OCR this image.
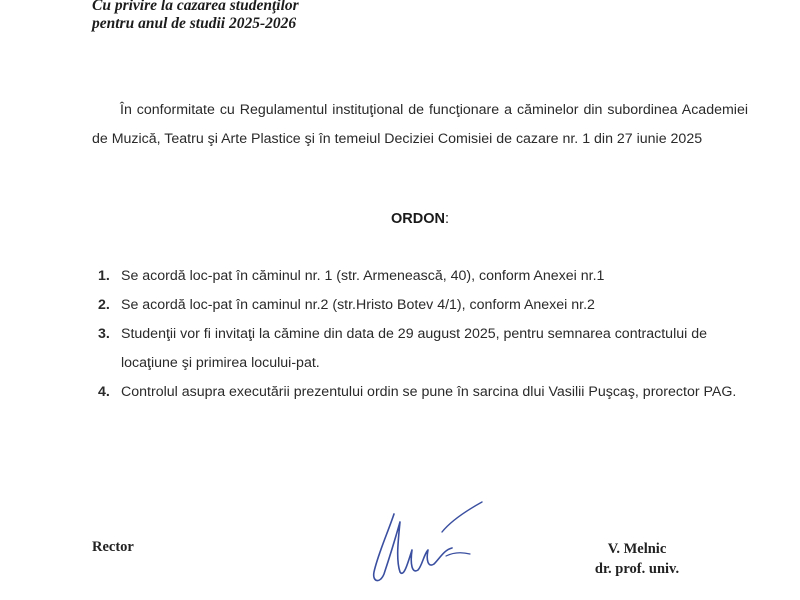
Cu privire la cazarea studenţilor
pentru anul de studii 2025-2026

În conformitate cu Regulamentul instituţional de funcţionare a căminelor din subordinea Academiei de Muzică, Teatru şi Arte Plastice şi în temeiul Deciziei Comisiei de cazare nr. 1 din 27 iunie 2025

ORDON:
1. Se acordă loc-pat în căminul nr. 1 (str. Armenească, 40), conform Anexei nr.1
2. Se acordă loc-pat în caminul nr.2 (str.Hristo Botev 4/1), conform Anexei nr.2
3. Studenţii vor fi invitaţi la cămine din data de 29 august 2025, pentru semnarea contractului de locaţiune şi primirea locului-pat.
4. Controlul asupra executării prezentului ordin se pune în sarcina dlui Vasilii Puşcaş, prorector PAG.
Rector	V. Melnic
dr. prof. univ.
